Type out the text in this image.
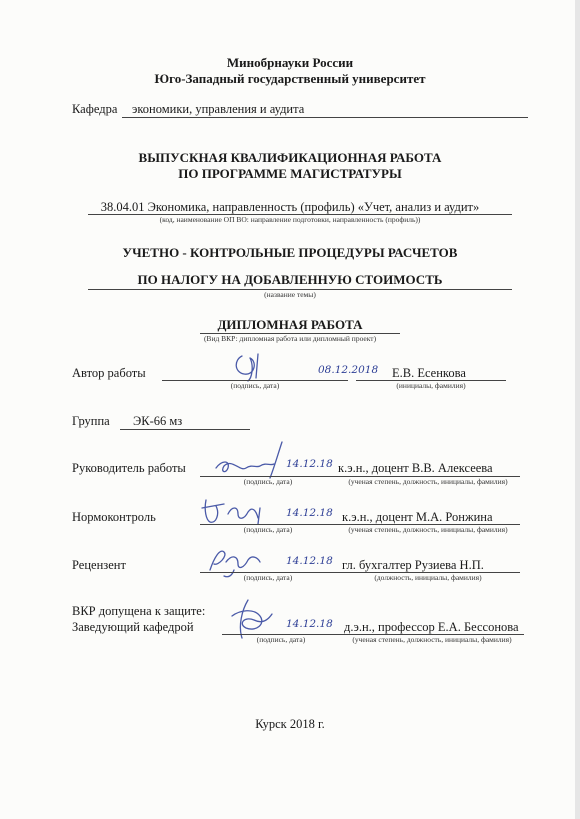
Минобрнауки России
Юго-Западный государственный университет
Кафедра экономики, управления и аудита
ВЫПУСКНАЯ КВАЛИФИКАЦИОННАЯ РАБОТА
ПО ПРОГРАММЕ МАГИСТРАТУРЫ
38.04.01 Экономика, направленность (профиль) «Учет, анализ и аудит»
(код, наименование ОП ВО: направление подготовки, направленность (профиль))
УЧЕТНО - КОНТРОЛЬНЫЕ ПРОЦЕДУРЫ РАСЧЕТОВ
ПО НАЛОГУ НА ДОБАВЛЕННУЮ СТОИМОСТЬ
(название темы)
ДИПЛОМНАЯ РАБОТА
(Вид ВКР: дипломная работа или дипломный проект)
Автор работы	08.12.2018
(подпись, дата)
Е.В. Есенкова
(инициалы, фамилия)
Группа ЭК-66 мз
Руководитель работы	14.12.18
(подпись, дата)
к.э.н., доцент В.В. Алексеева
(ученая степень, должность, инициалы, фамилия)
Нормоконтроль	14.12.18
(подпись, дата)
к.э.н., доцент М.А. Ронжина
(ученая степень, должность, инициалы, фамилия)
Рецензент	14.12.18
(подпись, дата)
гл. бухгалтер Рузиева Н.П.
(должность, инициалы, фамилия)
ВКР допущена к защите:
Заведующий кафедрой	14.12.18
(подпись, дата)
д.э.н., профессор Е.А. Бессонова
(ученая степень, должность, инициалы, фамилия)
Курск 2018 г.
